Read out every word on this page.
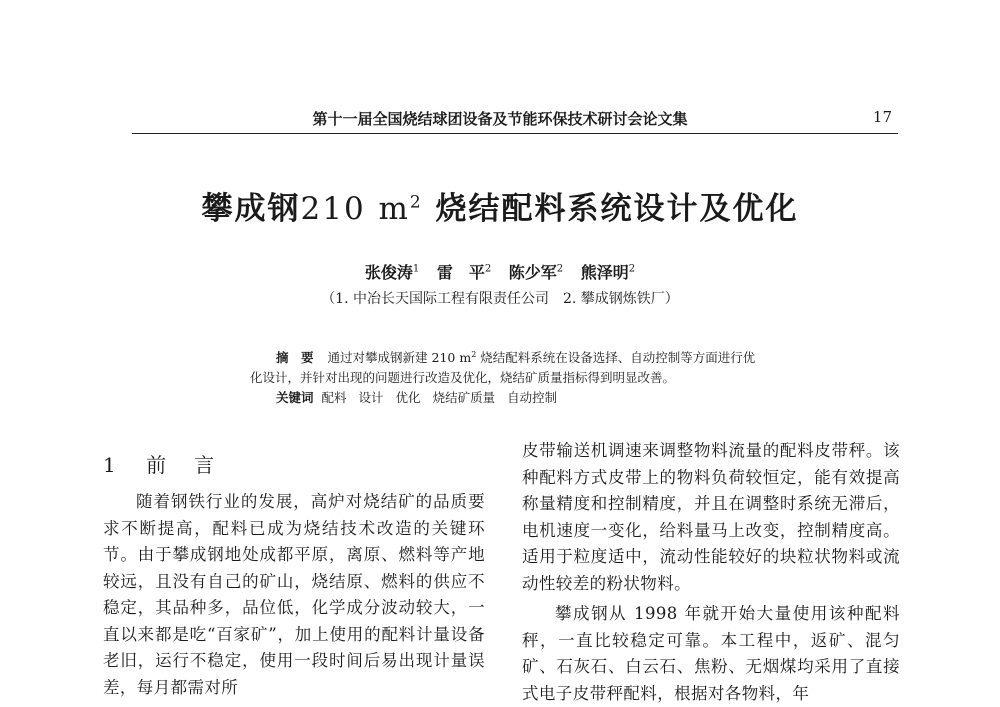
第十一届全国烧结球团设备及节能环保技术研讨会论文集	17
攀成钢210 $m^2$ 烧结配料系统设计及优化
张俊涛$^1$ 雷　平$^2$ 陈少军$^2$ 熊泽明$^2$
（1. 中冶长天国际工程有限责任公司　2. 攀成钢炼铁厂）
摘　要 通过对攀成钢新建 210 $m^2$ 烧结配料系统在设备选择、自动控制等方面进行优化设计，并针对出现的问题进行改造及优化，烧结矿质量指标得到明显改善。
关键词 配料 设计 优化 烧结矿质量 自动控制
1 前言

随着钢铁行业的发展，高炉对烧结矿的品质要求不断提高，配料已成为烧结技术改造的关键环节。由于攀成钢地处成都平原，离原、燃料等产地较远，且没有自己的矿山，烧结原、燃料的供应不稳定，其品种多，品位低，化学成分波动较大，一直以来都是吃“百家矿”，加上使用的配料计量设备老旧，运行不稳定，使用一段时间后易出现计量误差，每月都需对所

皮带输送机调速来调整物料流量的配料皮带秤。该种配料方式皮带上的物料负荷较恒定，能有效提高称量精度和控制精度，并且在调整时系统无滞后，电机速度一变化，给料量马上改变，控制精度高。适用于粒度适中，流动性能较好的块粒状物料或流动性较差的粉状物料。

攀成钢从 1998 年就开始大量使用该种配料秤，一直比较稳定可靠。本工程中，返矿、混匀矿、石灰石、白云石、焦粉、无烟煤均采用了直接式电子皮带秤配料，根据对各物料，年
